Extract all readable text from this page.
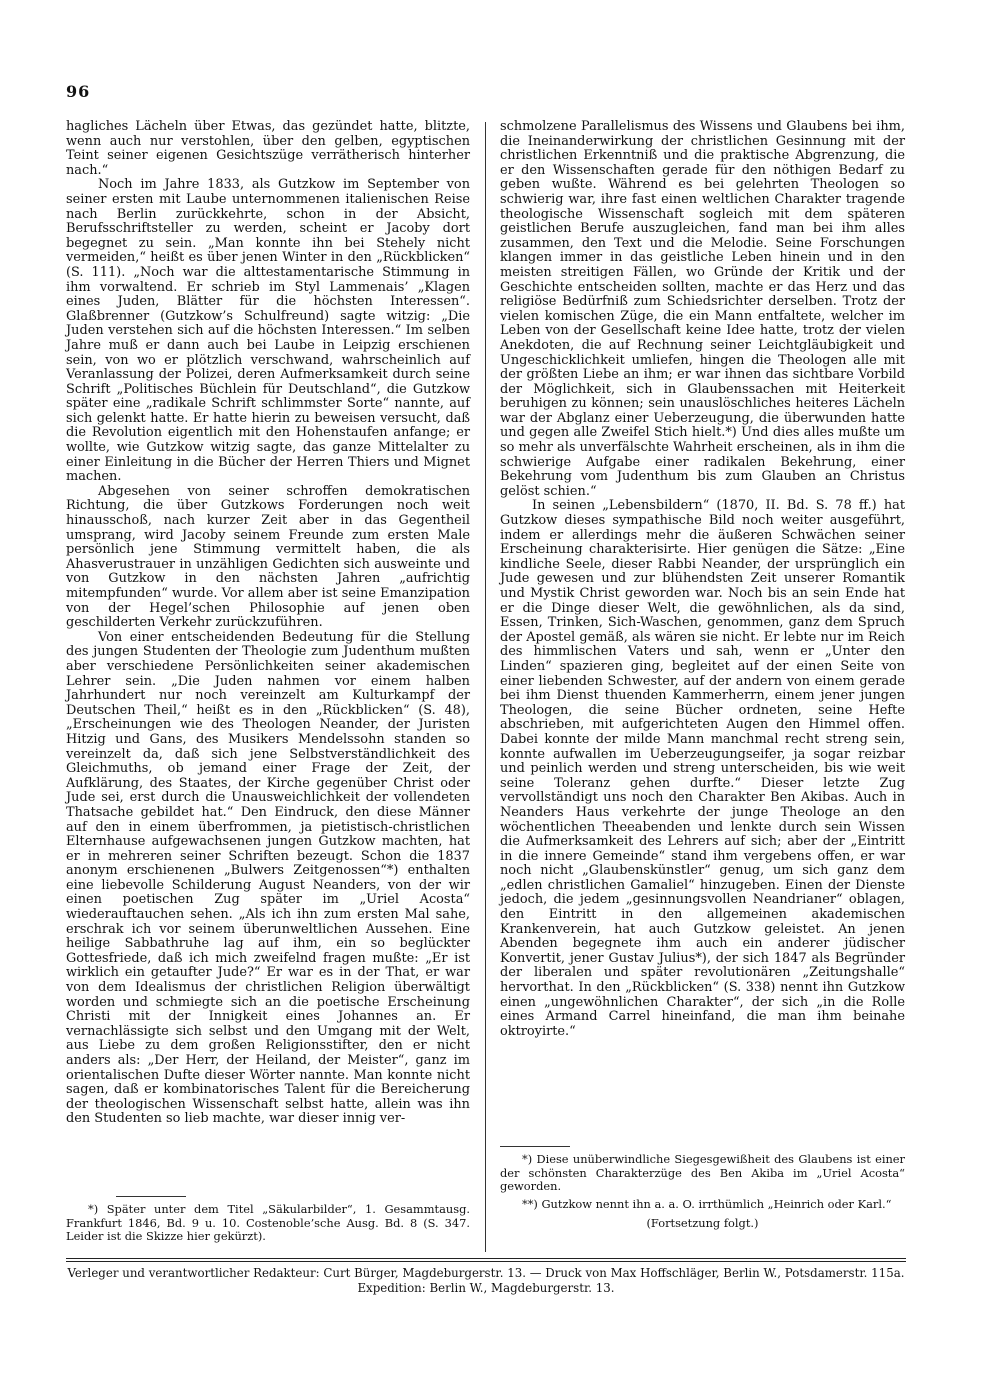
96

hagliches Lächeln über Etwas, das gezündet hatte, blitzte, wenn auch nur verstohlen, über den gelben, egyptischen Teint seiner eigenen Gesichtszüge verrätherisch hinterher nach.“

Noch im Jahre 1833, als Gutzkow im September von seiner ersten mit Laube unternommenen italienischen Reise nach Berlin zurückkehrte, schon in der Absicht, Berufsschriftsteller zu werden, scheint er Jacoby dort begegnet zu sein. „Man konnte ihn bei Stehely nicht vermeiden,“ heißt es über jenen Winter in den „Rückblicken“ (S. 111). „Noch war die alttestamentarische Stimmung in ihm vorwaltend. Er schrieb im Styl Lammenais’ „Klagen eines Juden, Blätter für die höchsten Interessen“. Glaßbrenner (Gutzkow’s Schulfreund) sagte witzig: „Die Juden verstehen sich auf die höchsten Interessen.“ Im selben Jahre muß er dann auch bei Laube in Leipzig erschienen sein, von wo er plötzlich verschwand, wahrscheinlich auf Veranlassung der Polizei, deren Aufmerksamkeit durch seine Schrift „Politisches Büchlein für Deutschland“, die Gutzkow später eine „radikale Schrift schlimmster Sorte“ nannte, auf sich gelenkt hatte. Er hatte hierin zu beweisen versucht, daß die Revolution eigentlich mit den Hohenstaufen anfange; er wollte, wie Gutzkow witzig sagte, das ganze Mittelalter zu einer Einleitung in die Bücher der Herren Thiers und Mignet machen.

Abgesehen von seiner schroffen demokratischen Richtung, die über Gutzkows Forderungen noch weit hinausschoß, nach kurzer Zeit aber in das Gegentheil umsprang, wird Jacoby seinem Freunde zum ersten Male persönlich jene Stimmung vermittelt haben, die als Ahasverustrauer in unzähligen Gedichten sich ausweinte und von Gutzkow in den nächsten Jahren „aufrichtig mitempfunden“ wurde. Vor allem aber ist seine Emanzipation von der Hegel’schen Philosophie auf jenen oben geschilderten Verkehr zurückzuführen.

Von einer entscheidenden Bedeutung für die Stellung des jungen Studenten der Theologie zum Judenthum mußten aber verschiedene Persönlichkeiten seiner akademischen Lehrer sein. „Die Juden nahmen vor einem halben Jahrhundert nur noch vereinzelt am Kulturkampf der Deutschen Theil,“ heißt es in den „Rückblicken“ (S. 48), „Erscheinungen wie des Theologen Neander, der Juristen Hitzig und Gans, des Musikers Mendelssohn standen so vereinzelt da, daß sich jene Selbstverständlichkeit des Gleichmuths, ob jemand einer Frage der Zeit, der Aufklärung, des Staates, der Kirche gegenüber Christ oder Jude sei, erst durch die Unausweichlichkeit der vollendeten Thatsache gebildet hat.“ Den Eindruck, den diese Männer auf den in einem überfrommen, ja pietistisch-christlichen Elternhause aufgewachsenen jungen Gutzkow machten, hat er in mehreren seiner Schriften bezeugt. Schon die 1837 anonym erschienenen „Bulwers Zeitgenossen“*) enthalten eine liebevolle Schilderung August Neanders, von der wir einen poetischen Zug später im „Uriel Acosta“ wiederauftauchen sehen. „Als ich ihn zum ersten Mal sahe, erschrak ich vor seinem überunweltlichen Aussehen. Eine heilige Sabbathruhe lag auf ihm, ein so beglückter Gottesfriede, daß ich mich zweifelnd fragen mußte: „Er ist wirklich ein getaufter Jude?“ Er war es in der That, er war von dem Idealismus der christlichen Religion überwältigt worden und schmiegte sich an die poetische Erscheinung Christi mit der Innigkeit eines Johannes an. Er vernachlässigte sich selbst und den Umgang mit der Welt, aus Liebe zu dem großen Religionsstifter, den er nicht anders als: „Der Herr, der Heiland, der Meister“, ganz im orientalischen Dufte dieser Wörter nannte. Man konnte nicht sagen, daß er kombinatorisches Talent für die Bereicherung der theologischen Wissenschaft selbst hatte, allein was ihn den Studenten so lieb machte, war dieser innig ver-

schmolzene Parallelismus des Wissens und Glaubens bei ihm, die Ineinanderwirkung der christlichen Gesinnung mit der christlichen Erkenntniß und die praktische Abgrenzung, die er den Wissenschaften gerade für den nöthigen Bedarf zu geben wußte. Während es bei gelehrten Theologen so schwierig war, ihre fast einen weltlichen Charakter tragende theologische Wissenschaft sogleich mit dem späteren geistlichen Berufe auszugleichen, fand man bei ihm alles zusammen, den Text und die Melodie. Seine Forschungen klangen immer in das geistliche Leben hinein und in den meisten streitigen Fällen, wo Gründe der Kritik und der Geschichte entscheiden sollten, machte er das Herz und das religiöse Bedürfniß zum Schiedsrichter derselben. Trotz der vielen komischen Züge, die ein Mann entfaltete, welcher im Leben von der Gesellschaft keine Idee hatte, trotz der vielen Anekdoten, die auf Rechnung seiner Leichtgläubigkeit und Ungeschicklichkeit umliefen, hingen die Theologen alle mit der größten Liebe an ihm; er war ihnen das sichtbare Vorbild der Möglichkeit, sich in Glaubenssachen mit Heiterkeit beruhigen zu können; sein unauslöschliches heiteres Lächeln war der Abglanz einer Ueberzeugung, die überwunden hatte und gegen alle Zweifel Stich hielt.*) Und dies alles mußte um so mehr als unverfälschte Wahrheit erscheinen, als in ihm die schwierige Aufgabe einer radikalen Bekehrung, einer Bekehrung vom Judenthum bis zum Glauben an Christus gelöst schien.“

In seinen „Lebensbildern“ (1870, II. Bd. S. 78 ff.) hat Gutzkow dieses sympathische Bild noch weiter ausgeführt, indem er allerdings mehr die äußeren Schwächen seiner Erscheinung charakterisirte. Hier genügen die Sätze: „Eine kindliche Seele, dieser Rabbi Neander, der ursprünglich ein Jude gewesen und zur blühendsten Zeit unserer Romantik und Mystik Christ geworden war. Noch bis an sein Ende hat er die Dinge dieser Welt, die gewöhnlichen, als da sind, Essen, Trinken, Sich-Waschen, genommen, ganz dem Spruch der Apostel gemäß, als wären sie nicht. Er lebte nur im Reich des himmlischen Vaters und sah, wenn er „Unter den Linden“ spazieren ging, begleitet auf der einen Seite von einer liebenden Schwester, auf der andern von einem gerade bei ihm Dienst thuenden Kammerherrn, einem jener jungen Theologen, die seine Bücher ordneten, seine Hefte abschrieben, mit aufgerichteten Augen den Himmel offen. Dabei konnte der milde Mann manchmal recht streng sein, konnte aufwallen im Ueberzeugungseifer, ja sogar reizbar und peinlich werden und streng unterscheiden, bis wie weit seine Toleranz gehen durfte.“ Dieser letzte Zug vervollständigt uns noch den Charakter Ben Akibas. Auch in Neanders Haus verkehrte der junge Theologe an den wöchentlichen Theeabenden und lenkte durch sein Wissen die Aufmerksamkeit des Lehrers auf sich; aber der „Eintritt in die innere Gemeinde“ stand ihm vergebens offen, er war noch nicht „Glaubenskünstler“ genug, um sich ganz dem „edlen christlichen Gamaliel“ hinzugeben. Einen der Dienste jedoch, die jedem „gesinnungsvollen Neandrianer“ oblagen, den Eintritt in den allgemeinen akademischen Krankenverein, hat auch Gutzkow geleistet. An jenen Abenden begegnete ihm auch ein anderer jüdischer Konvertit, jener Gustav Julius*), der sich 1847 als Begründer der liberalen und später revolutionären „Zeitungshalle“ hervorthat. In den „Rückblicken“ (S. 338) nennt ihn Gutzkow einen „ungewöhnlichen Charakter“, der sich „in die Rolle eines Armand Carrel hineinfand, die man ihm beinahe oktroyirte.“

*) Später unter dem Titel „Säkularbilder“, 1. Gesammtausg. Frankfurt 1846, Bd. 9 u. 10. Costenoble’sche Ausg. Bd. 8 (S. 347. Leider ist die Skizze hier gekürzt).

*) Diese unüberwindliche Siegesgewißheit des Glaubens ist einer der schönsten Charakterzüge des Ben Akiba im „Uriel Acosta“ geworden.

**) Gutzkow nennt ihn a. a. O. irrthümlich „Heinrich oder Karl.“

(Fortsetzung folgt.)

Verleger und verantwortlicher Redakteur: Curt Bürger, Magdeburgerstr. 13. — Druck von Max Hoffschläger, Berlin W., Potsdamerstr. 115a.
Expedition: Berlin W., Magdeburgerstr. 13.
